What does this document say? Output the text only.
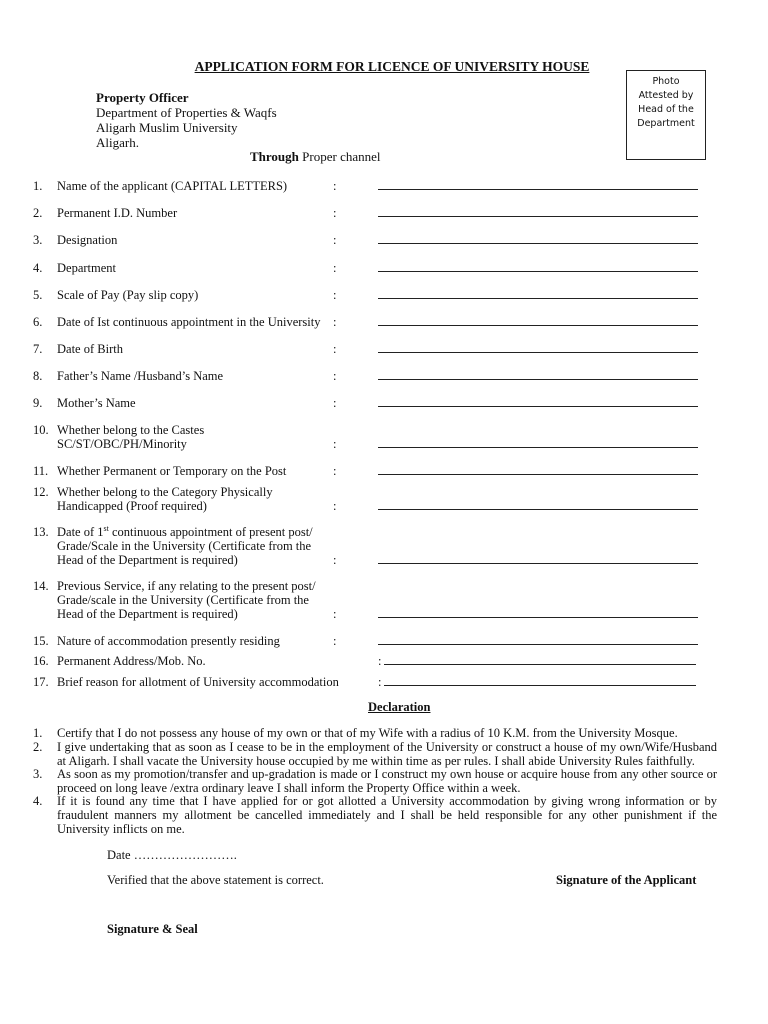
APPLICATION FORM FOR LICENCE OF UNIVERSITY HOUSE
Photo
Attested by
Head of the
Department
Property Officer
Department of Properties & Waqfs
Aligarh Muslim University
Aligarh.
Through Proper channel
1. Name of the applicant (CAPITAL LETTERS)	:
2. Permanent I.D. Number	:
3. Designation	:
4. Department	:
5. Scale of Pay (Pay slip copy)	:
6. Date of Ist continuous appointment in the University :
7. Date of Birth	:
8. Father’s Name /Husband’s Name	:
9. Mother’s Name	:
10. Whether belong to the Castes
SC/ST/OBC/PH/Minority	:
11. Whether Permanent or Temporary on the Post	:
12. Whether belong to the Category Physically
Handicapped (Proof required)	:
13. Date of 1st continuous appointment of present post/
Grade/Scale in the University (Certificate from the
Head of the Department is required)	:
14. Previous Service, if any relating to the present post/
Grade/scale in the University (Certificate from the
Head of the Department is required)	:
15. Nature of accommodation presently residing	:
16. Permanent Address/Mob. No.	:
17. Brief reason for allotment of University accommodation	:
Declaration
1. Certify that I do not possess any house of my own or that of my Wife with a radius of 10 K.M. from the University Mosque.
2. I give undertaking that as soon as I cease to be in the employment of the University or construct a house of my own/Wife/Husband at Aligarh. I shall vacate the University house occupied by me within time as per rules. I shall abide University Rules faithfully.
3. As soon as my promotion/transfer and up-gradation is made or I construct my own house or acquire house from any other source or proceed on long leave /extra ordinary leave I shall inform the Property Office within a week.
4. If it is found any time that I have applied for or got allotted a University accommodation by giving wrong information or by fraudulent manners my allotment be cancelled immediately and I shall be held responsible for any other punishment if the University inflicts on me.
Date …………………….
Verified that the above statement is correct.	Signature of the Applicant
Signature & Seal
